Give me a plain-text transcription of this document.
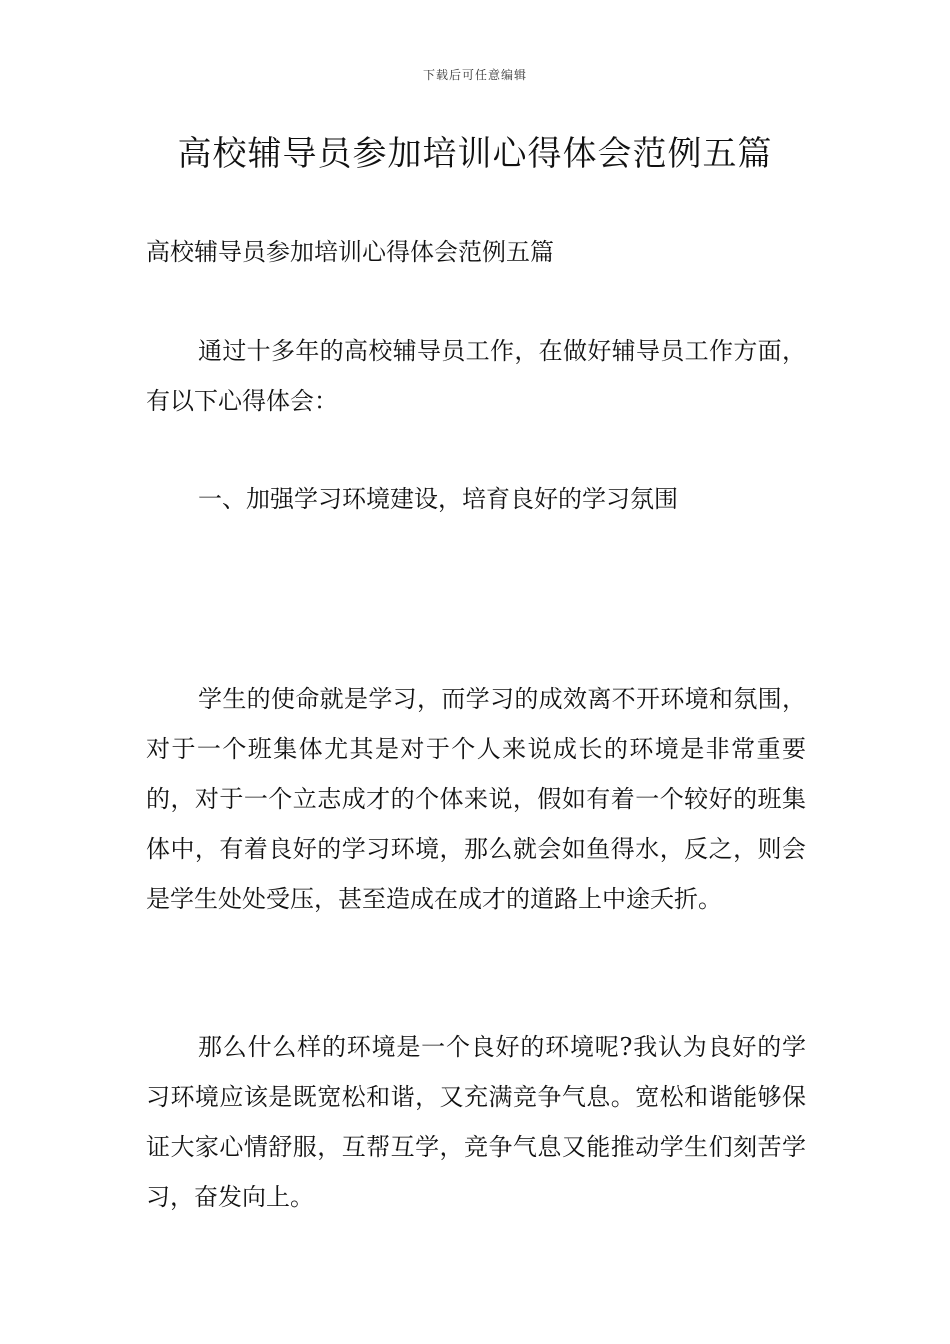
下载后可任意编辑
高校辅导员参加培训心得体会范例五篇

高校辅导员参加培训心得体会范例五篇

通过十多年的高校辅导员工作，在做好辅导员工作方面，有以下心得体会：

一、加强学习环境建设，培育良好的学习氛围

学生的使命就是学习，而学习的成效离不开环境和氛围，对于一个班集体尤其是对于个人来说成长的环境是非常重要的，对于一个立志成才的个体来说，假如有着一个较好的班集体中，有着良好的学习环境，那么就会如鱼得水，反之，则会是学生处处受压，甚至造成在成才的道路上中途夭折。

那么什么样的环境是一个良好的环境呢?我认为良好的学习环境应该是既宽松和谐，又充满竞争气息。宽松和谐能够保证大家心情舒服，互帮互学，竞争气息又能推动学生们刻苦学习，奋发向上。
